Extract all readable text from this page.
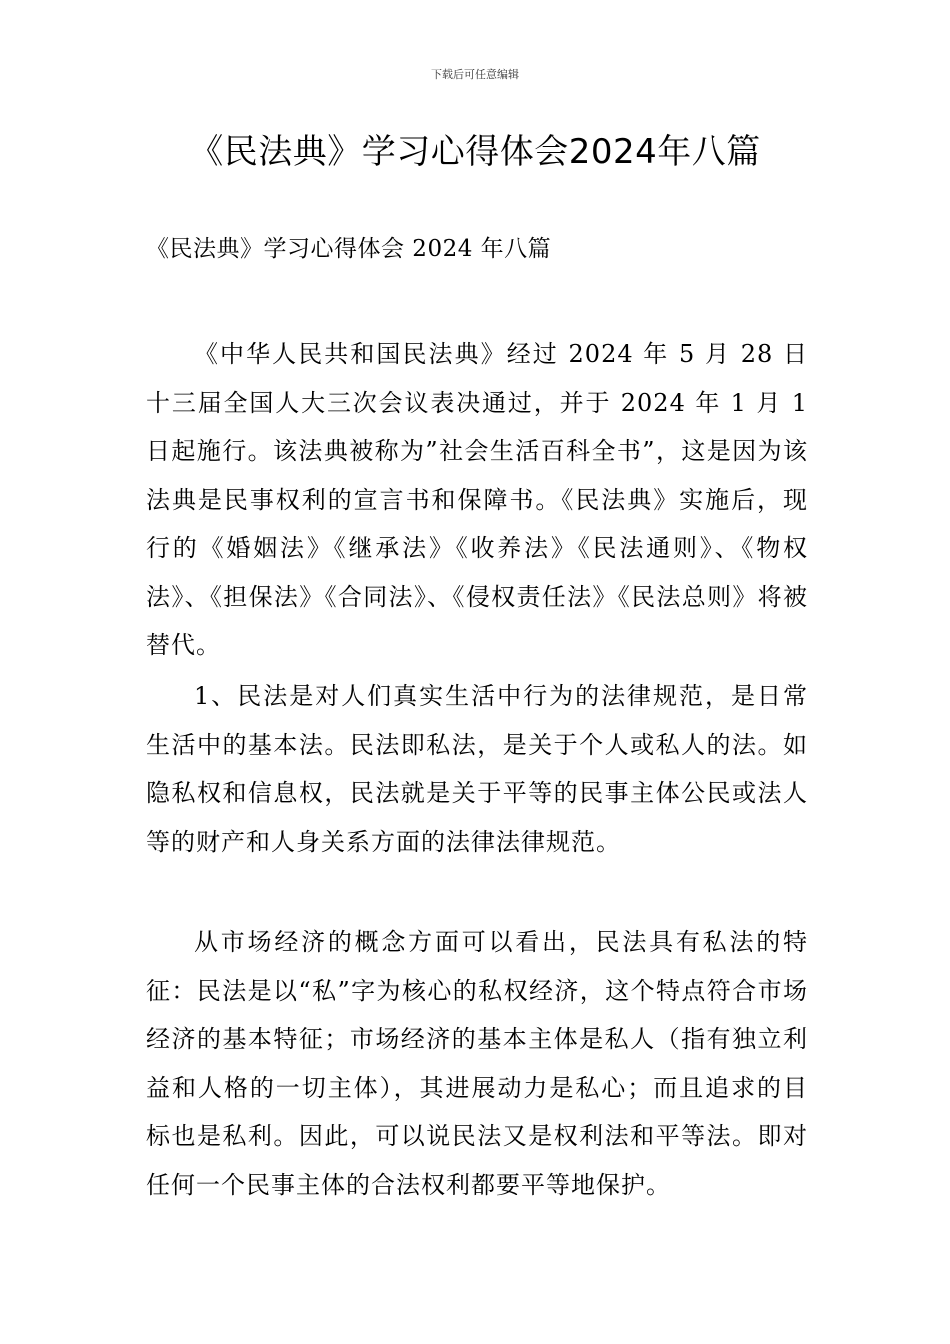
下载后可任意编辑
《民法典》学习心得体会2024年八篇

《民法典》学习心得体会 2024 年八篇

《中华人民共和国民法典》经过 2024 年 5 月 28 日十三届全国人大三次会议表决通过，并于 2024 年 1 月 1 日起施行。该法典被称为”社会生活百科全书”，这是因为该法典是民事权利的宣言书和保障书。《民法典》实施后，现行的《婚姻法》《继承法》《收养法》《民法通则》、《物权法》、《担保法》《合同法》、《侵权责任法》《民法总则》将被替代。

1、民法是对人们真实生活中行为的法律规范，是日常生活中的基本法。民法即私法，是关于个人或私人的法。如隐私权和信息权，民法就是关于平等的民事主体公民或法人等的财产和人身关系方面的法律法律规范。

从市场经济的概念方面可以看出，民法具有私法的特征：民法是以“私”字为核心的私权经济，这个特点符合市场经济的基本特征；市场经济的基本主体是私人（指有独立利益和人格的一切主体），其进展动力是私心；而且追求的目标也是私利。因此，可以说民法又是权利法和平等法。即对任何一个民事主体的合法权利都要平等地保护。
